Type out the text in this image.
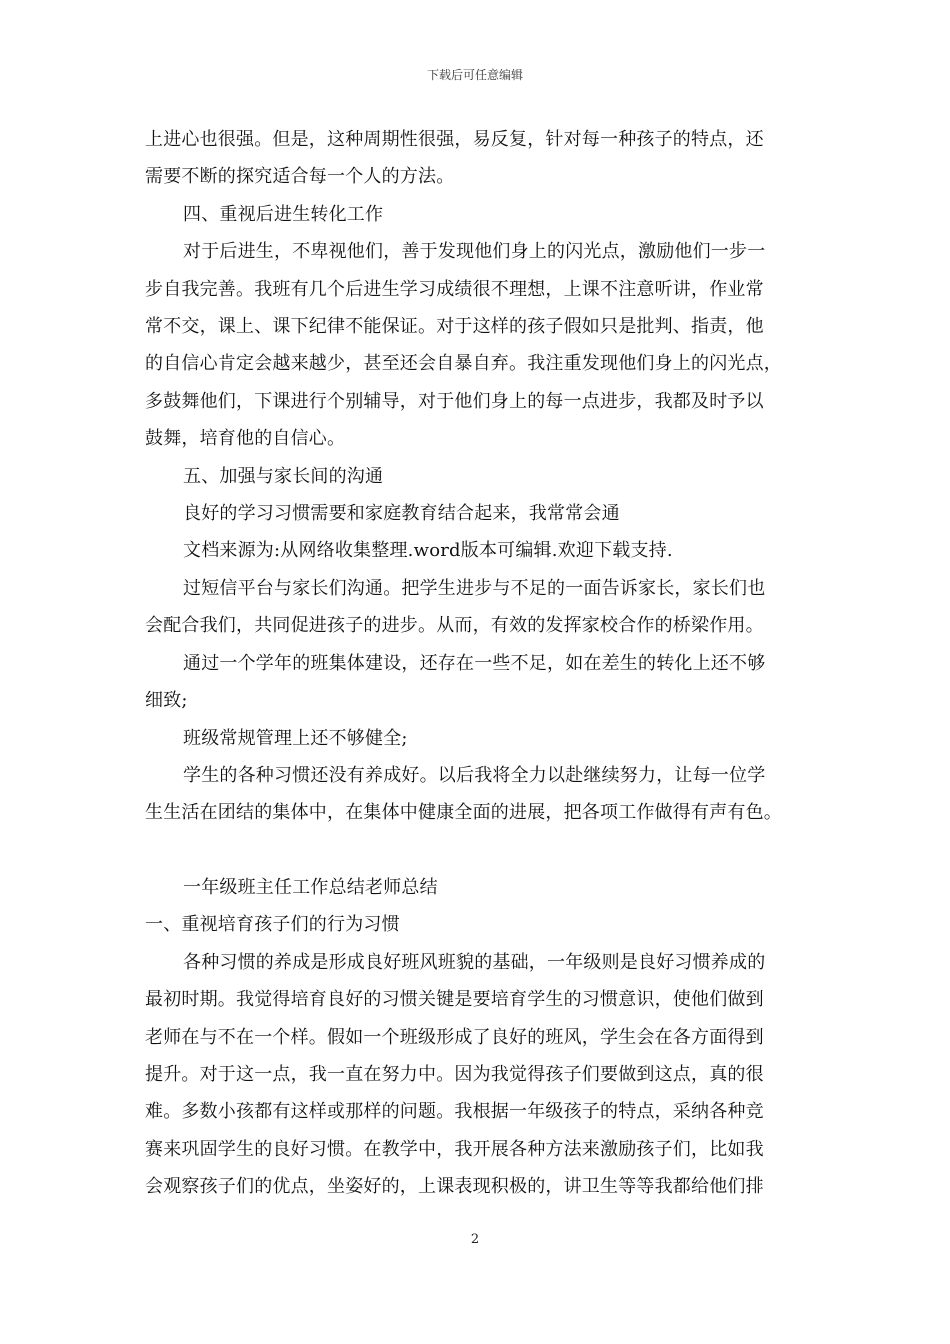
下载后可任意编辑
上进心也很强。但是，这种周期性很强，易反复，针对每一种孩子的特点，还
需要不断的探究适合每一个人的方法。
四、重视后进生转化工作
对于后进生，不卑视他们，善于发现他们身上的闪光点，激励他们一步一
步自我完善。我班有几个后进生学习成绩很不理想，上课不注意听讲，作业常
常不交，课上、课下纪律不能保证。对于这样的孩子假如只是批判、指责，他
的自信心肯定会越来越少，甚至还会自暴自弃。我注重发现他们身上的闪光点，
多鼓舞他们，下课进行个别辅导，对于他们身上的每一点进步，我都及时予以
鼓舞，培育他的自信心。
五、加强与家长间的沟通
良好的学习习惯需要和家庭教育结合起来，我常常会通
文档来源为:从网络收集整理.word版本可编辑.欢迎下载支持.
过短信平台与家长们沟通。把学生进步与不足的一面告诉家长，家长们也
会配合我们，共同促进孩子的进步。从而，有效的发挥家校合作的桥梁作用。
通过一个学年的班集体建设，还存在一些不足，如在差生的转化上还不够
细致;
班级常规管理上还不够健全;
学生的各种习惯还没有养成好。以后我将全力以赴继续努力，让每一位学
生生活在团结的集体中，在集体中健康全面的进展，把各项工作做得有声有色。
一年级班主任工作总结老师总结
一、重视培育孩子们的行为习惯
各种习惯的养成是形成良好班风班貌的基础，一年级则是良好习惯养成的
最初时期。我觉得培育良好的习惯关键是要培育学生的习惯意识，使他们做到
老师在与不在一个样。假如一个班级形成了良好的班风，学生会在各方面得到
提升。对于这一点，我一直在努力中。因为我觉得孩子们要做到这点，真的很
难。多数小孩都有这样或那样的问题。我根据一年级孩子的特点，采纳各种竞
赛来巩固学生的良好习惯。在教学中，我开展各种方法来激励孩子们，比如我
会观察孩子们的优点，坐姿好的，上课表现积极的，讲卫生等等我都给他们排
2
